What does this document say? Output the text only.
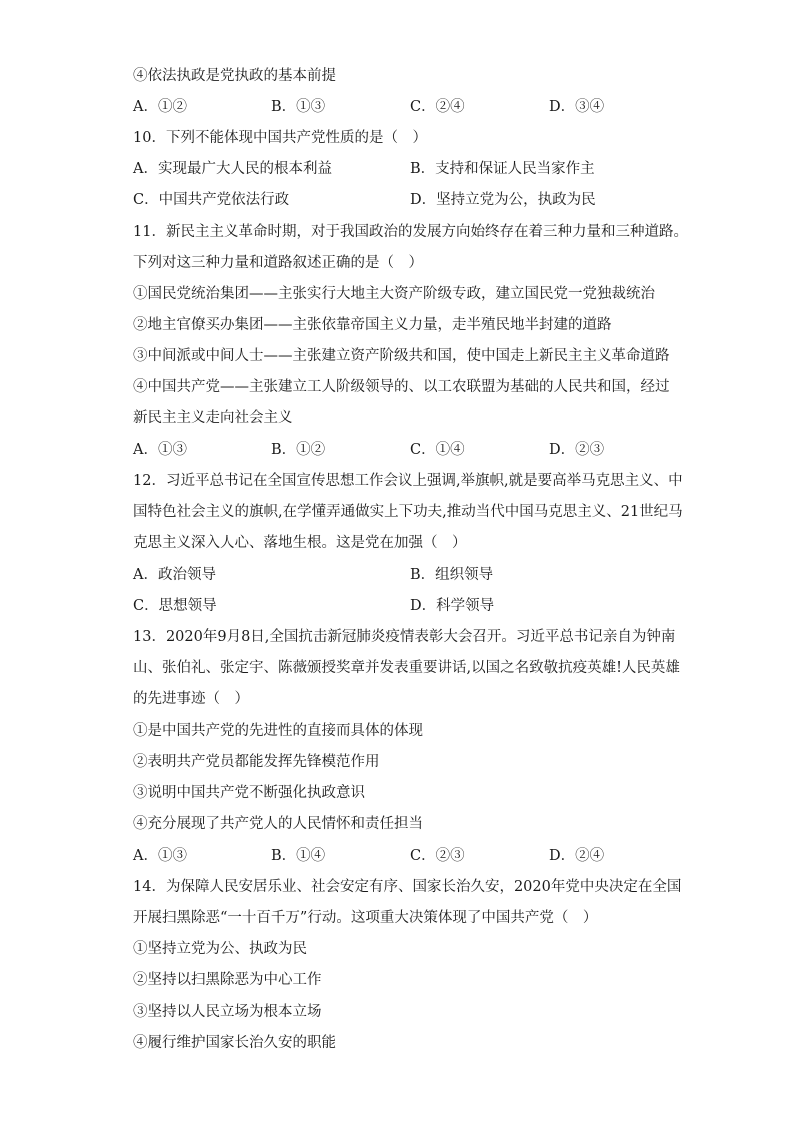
④依法执政是党执政的基本前提
A．①②	B．①③	C．②④	D．③④
10．下列不能体现中国共产党性质的是（　）
A．实现最广大人民的根本利益	B．支持和保证人民当家作主
C．中国共产党依法行政	D．坚持立党为公，执政为民
11．新民主主义革命时期，对于我国政治的发展方向始终存在着三种力量和三种道路。
下列对这三种力量和道路叙述正确的是（　）
①国民党统治集团——主张实行大地主大资产阶级专政，建立国民党一党独裁统治
②地主官僚买办集团——主张依靠帝国主义力量，走半殖民地半封建的道路
③中间派或中间人士——主张建立资产阶级共和国，使中国走上新民主主义革命道路
④中国共产党——主张建立工人阶级领导的、以工农联盟为基础的人民共和国，经过
新民主主义走向社会主义
A．①③	B．①②	C．①④	D．②③
12．习近平总书记在全国宣传思想工作会议上强调,举旗帜,就是要高举马克思主义、中
国特色社会主义的旗帜,在学懂弄通做实上下功夫,推动当代中国马克思主义、21世纪马
克思主义深入人心、落地生根。这是党在加强（　）
A．政治领导	B．组织领导
C．思想领导	D．科学领导
13．2020年9月8日,全国抗击新冠肺炎疫情表彰大会召开。习近平总书记亲自为钟南
山、张伯礼、张定宇、陈薇颁授奖章并发表重要讲话,以国之名致敬抗疫英雄!人民英雄
的先进事迹（　）
①是中国共产党的先进性的直接而具体的体现
②表明共产党员都能发挥先锋模范作用
③说明中国共产党不断强化执政意识
④充分展现了共产党人的人民情怀和责任担当
A．①③	B．①④	C．②③	D．②④
14．为保障人民安居乐业、社会安定有序、国家长治久安，2020年党中央决定在全国
开展扫黑除恶“一十百千万”行动。这项重大决策体现了中国共产党（　）
①坚持立党为公、执政为民
②坚持以扫黑除恶为中心工作
③坚持以人民立场为根本立场
④履行维护国家长治久安的职能
